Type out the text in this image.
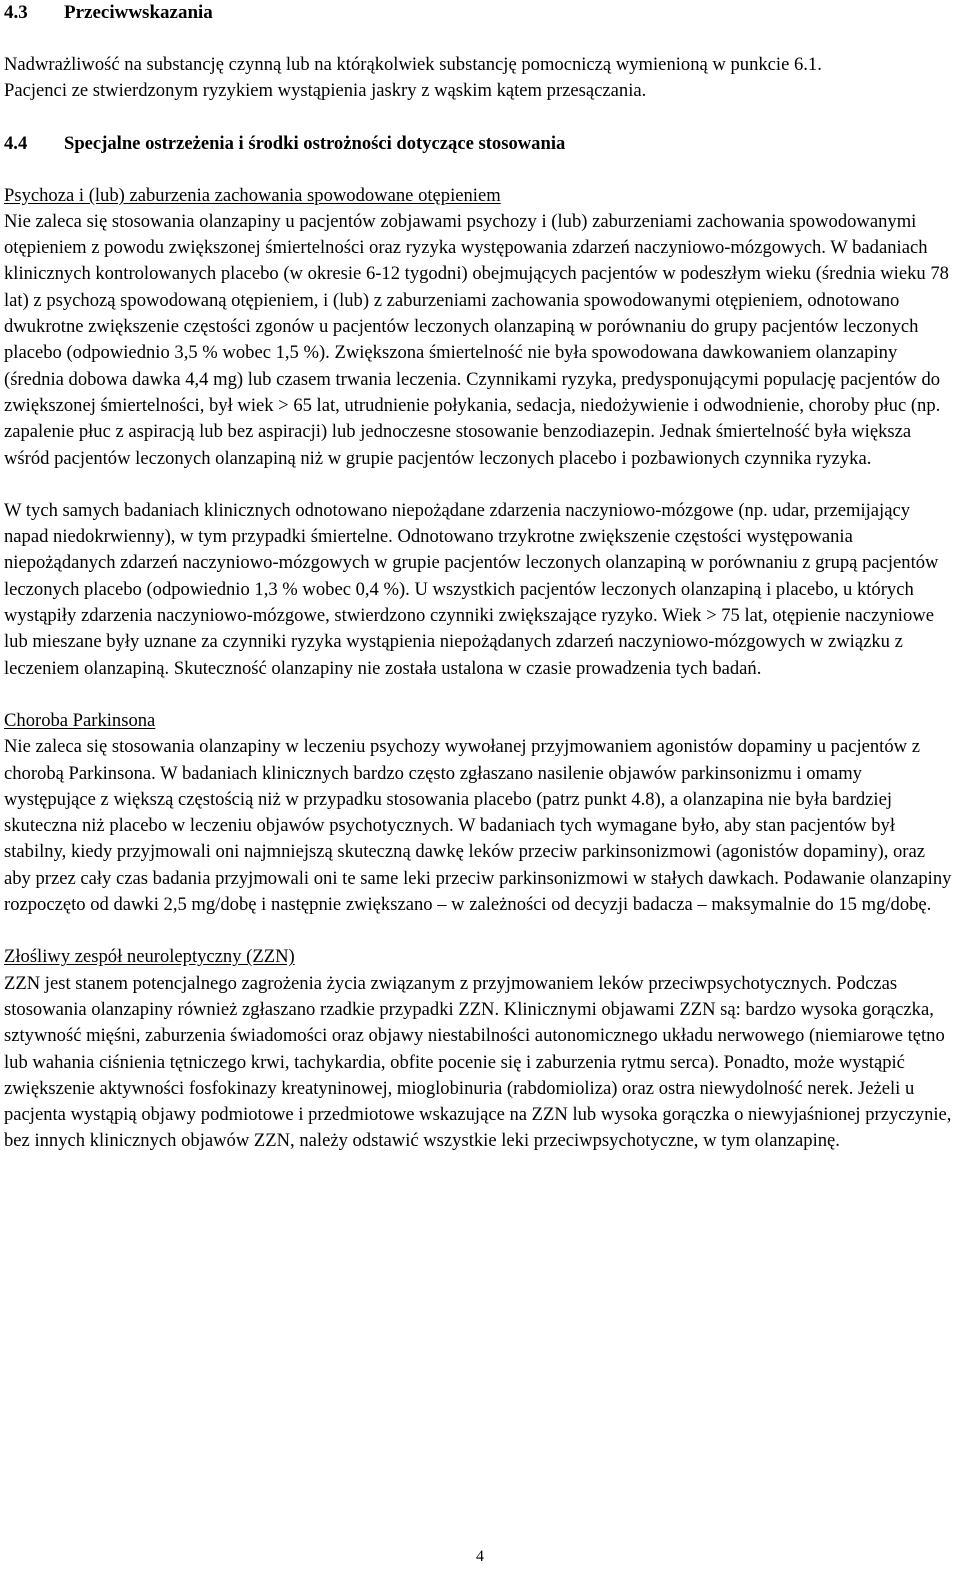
4.3	Przeciwwskazania

Nadwrażliwość na substancję czynną lub na którąkolwiek substancję pomocniczą wymienioną w punkcie 6.1.

Pacjenci ze stwierdzonym ryzykiem wystąpienia jaskry z wąskim kątem przesączania.

4.4	Specjalne ostrzeżenia i środki ostrożności dotyczące stosowania
Psychoza i (lub) zaburzenia zachowania spowodowane otępieniem

Nie zaleca się stosowania olanzapiny u pacjentów zobjawami psychozy i (lub) zaburzeniami zachowania spowodowanymi otępieniem z powodu zwiększonej śmiertelności oraz ryzyka występowania zdarzeń naczyniowo-mózgowych. W badaniach klinicznych kontrolowanych placebo (w okresie 6-12 tygodni) obejmujących pacjentów w podeszłym wieku (średnia wieku 78 lat) z psychozą spowodowaną otępieniem, i (lub) z zaburzeniami zachowania spowodowanymi otępieniem, odnotowano dwukrotne zwiększenie częstości zgonów u pacjentów leczonych olanzapiną w porównaniu do grupy pacjentów leczonych placebo (odpowiednio 3,5 % wobec 1,5 %). Zwiększona śmiertelność nie była spowodowana dawkowaniem olanzapiny (średnia dobowa dawka 4,4 mg) lub czasem trwania leczenia. Czynnikami ryzyka, predysponującymi populację pacjentów do zwiększonej śmiertelności, był wiek > 65 lat, utrudnienie połykania, sedacja, niedożywienie i odwodnienie, choroby płuc (np. zapalenie płuc z aspiracją lub bez aspiracji) lub jednoczesne stosowanie benzodiazepin. Jednak śmiertelność była większa wśród pacjentów leczonych olanzapiną niż w grupie pacjentów leczonych placebo i pozbawionych czynnika ryzyka.

W tych samych badaniach klinicznych odnotowano niepożądane zdarzenia naczyniowo-mózgowe (np. udar, przemijający napad niedokrwienny), w tym przypadki śmiertelne. Odnotowano trzykrotne zwiększenie częstości występowania niepożądanych zdarzeń naczyniowo-mózgowych w grupie pacjentów leczonych olanzapiną w porównaniu z grupą pacjentów leczonych placebo (odpowiednio 1,3 % wobec 0,4 %). U wszystkich pacjentów leczonych olanzapiną i placebo, u których wystąpiły zdarzenia naczyniowo-mózgowe, stwierdzono czynniki zwiększające ryzyko. Wiek > 75 lat, otępienie naczyniowe lub mieszane były uznane za czynniki ryzyka wystąpienia niepożądanych zdarzeń naczyniowo-mózgowych w związku z leczeniem olanzapiną. Skuteczność olanzapiny nie została ustalona w czasie prowadzenia tych badań.

Choroba Parkinsona

Nie zaleca się stosowania olanzapiny w leczeniu psychozy wywołanej przyjmowaniem agonistów dopaminy u pacjentów z chorobą Parkinsona. W badaniach klinicznych bardzo często zgłaszano nasilenie objawów parkinsonizmu i omamy występujące z większą częstością niż w przypadku stosowania placebo (patrz punkt 4.8), a olanzapina nie była bardziej skuteczna niż placebo w leczeniu objawów psychotycznych. W badaniach tych wymagane było, aby stan pacjentów był stabilny, kiedy przyjmowali oni najmniejszą skuteczną dawkę leków przeciw parkinsonizmowi (agonistów dopaminy), oraz aby przez cały czas badania przyjmowali oni te same leki przeciw parkinsonizmowi w stałych dawkach. Podawanie olanzapiny rozpoczęto od dawki 2,5 mg/dobę i następnie zwiększano – w zależności od decyzji badacza – maksymalnie do 15 mg/dobę.

Złośliwy zespół neuroleptyczny (ZZN)

ZZN jest stanem potencjalnego zagrożenia życia związanym z przyjmowaniem leków przeciwpsychotycznych. Podczas stosowania olanzapiny również zgłaszano rzadkie przypadki ZZN. Klinicznymi objawami ZZN są: bardzo wysoka gorączka, sztywność mięśni, zaburzenia świadomości oraz objawy niestabilności autonomicznego układu nerwowego (niemiarowe tętno lub wahania ciśnienia tętniczego krwi, tachykardia, obfite pocenie się i zaburzenia rytmu serca). Ponadto, może wystąpić zwiększenie aktywności fosfokinazy kreatyninowej, mioglobinuria (rabdomioliza) oraz ostra niewydolność nerek. Jeżeli u pacjenta wystąpią objawy podmiotowe i przedmiotowe wskazujące na ZZN lub wysoka gorączka o niewyjaśnionej przyczynie, bez innych klinicznych objawów ZZN, należy odstawić wszystkie leki przeciwpsychotyczne, w tym olanzapinę.

4
